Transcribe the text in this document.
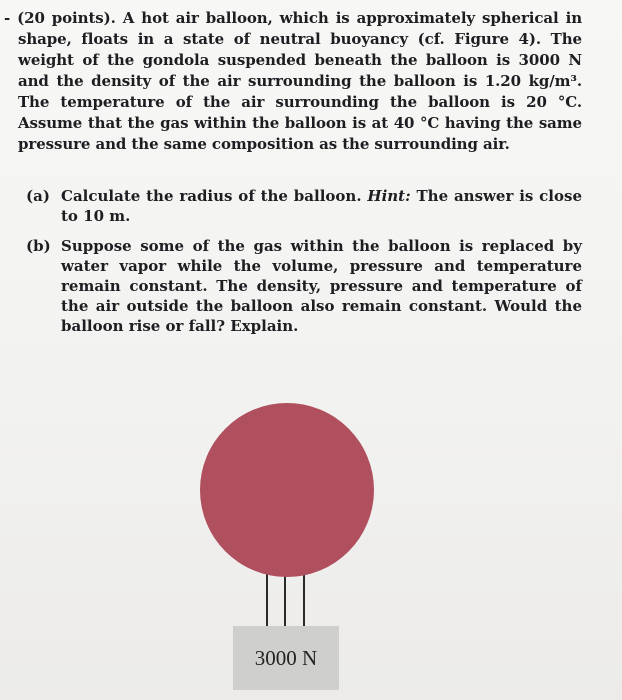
- (20 points). A hot air balloon, which is approximately spherical in shape, floats in a state of neutral buoyancy (cf. Figure 4). The weight of the gondola suspended beneath the balloon is 3000 N and the density of the air surrounding the balloon is 1.20 kg/m³. The temperature of the air surrounding the balloon is 20 °C. Assume that the gas within the balloon is at 40 °C having the same pressure and the same composition as the surrounding air.

(a) Calculate the radius of the balloon. Hint: The answer is close to 10 m.
(b) Suppose some of the gas within the balloon is replaced by water vapor while the volume, pressure and temperature remain constant. The density, pressure and temperature of the air outside the balloon also remain constant. Would the balloon rise or fall? Explain.
3000 N
